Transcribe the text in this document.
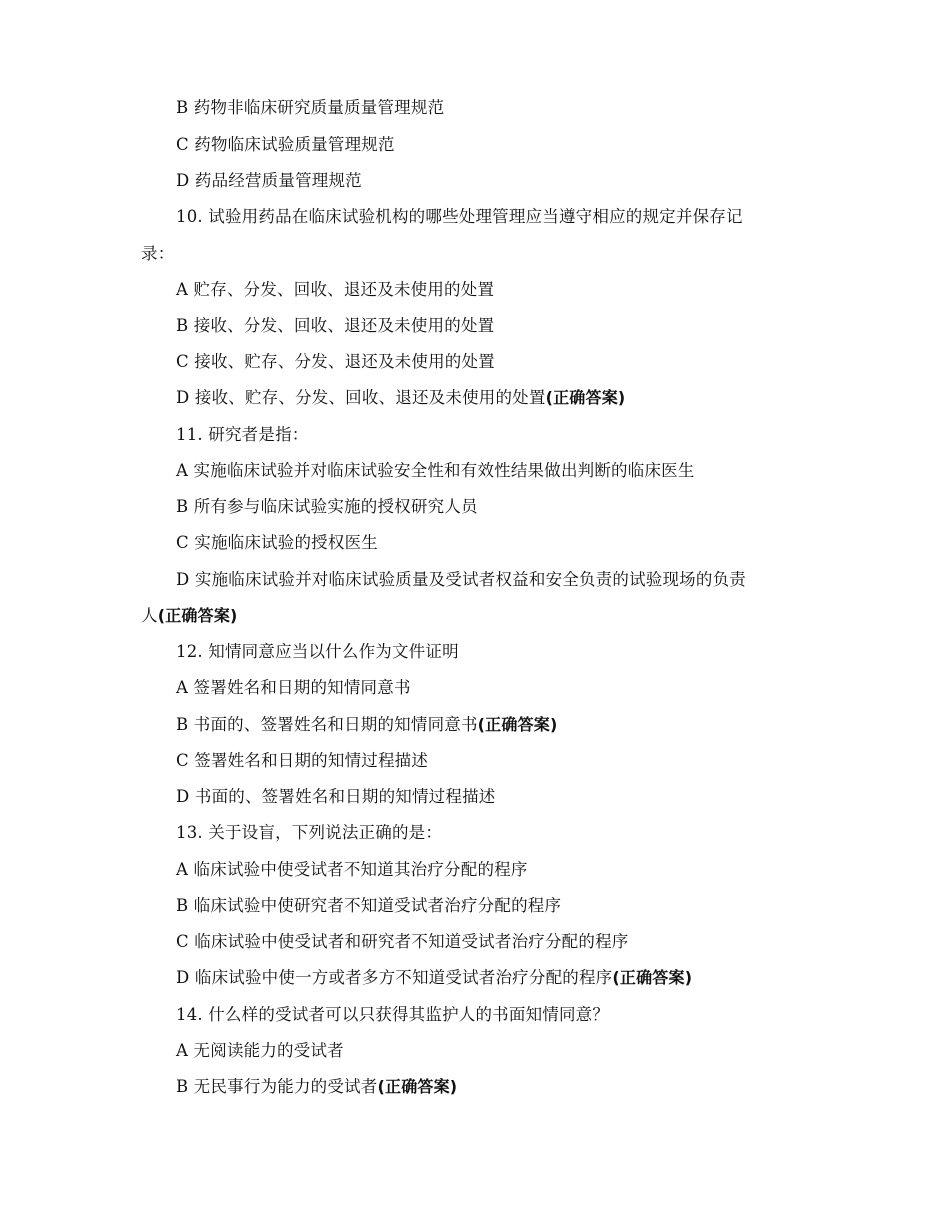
B 药物非临床研究质量质量管理规范
C 药物临床试验质量管理规范
D 药品经营质量管理规范
10. 试验用药品在临床试验机构的哪些处理管理应当遵守相应的规定并保存记
录：
A 贮存、分发、回收、退还及未使用的处置
B 接收、分发、回收、退还及未使用的处置
C 接收、贮存、分发、退还及未使用的处置
D 接收、贮存、分发、回收、退还及未使用的处置(正确答案)
11. 研究者是指：
A 实施临床试验并对临床试验安全性和有效性结果做出判断的临床医生
B 所有参与临床试验实施的授权研究人员
C 实施临床试验的授权医生
D 实施临床试验并对临床试验质量及受试者权益和安全负责的试验现场的负责
人(正确答案)
12. 知情同意应当以什么作为文件证明
A 签署姓名和日期的知情同意书
B 书面的、签署姓名和日期的知情同意书(正确答案)
C 签署姓名和日期的知情过程描述
D 书面的、签署姓名和日期的知情过程描述
13. 关于设盲，下列说法正确的是：
A 临床试验中使受试者不知道其治疗分配的程序
B 临床试验中使研究者不知道受试者治疗分配的程序
C 临床试验中使受试者和研究者不知道受试者治疗分配的程序
D 临床试验中使一方或者多方不知道受试者治疗分配的程序(正确答案)
14. 什么样的受试者可以只获得其监护人的书面知情同意？
A 无阅读能力的受试者
B 无民事行为能力的受试者(正确答案)
